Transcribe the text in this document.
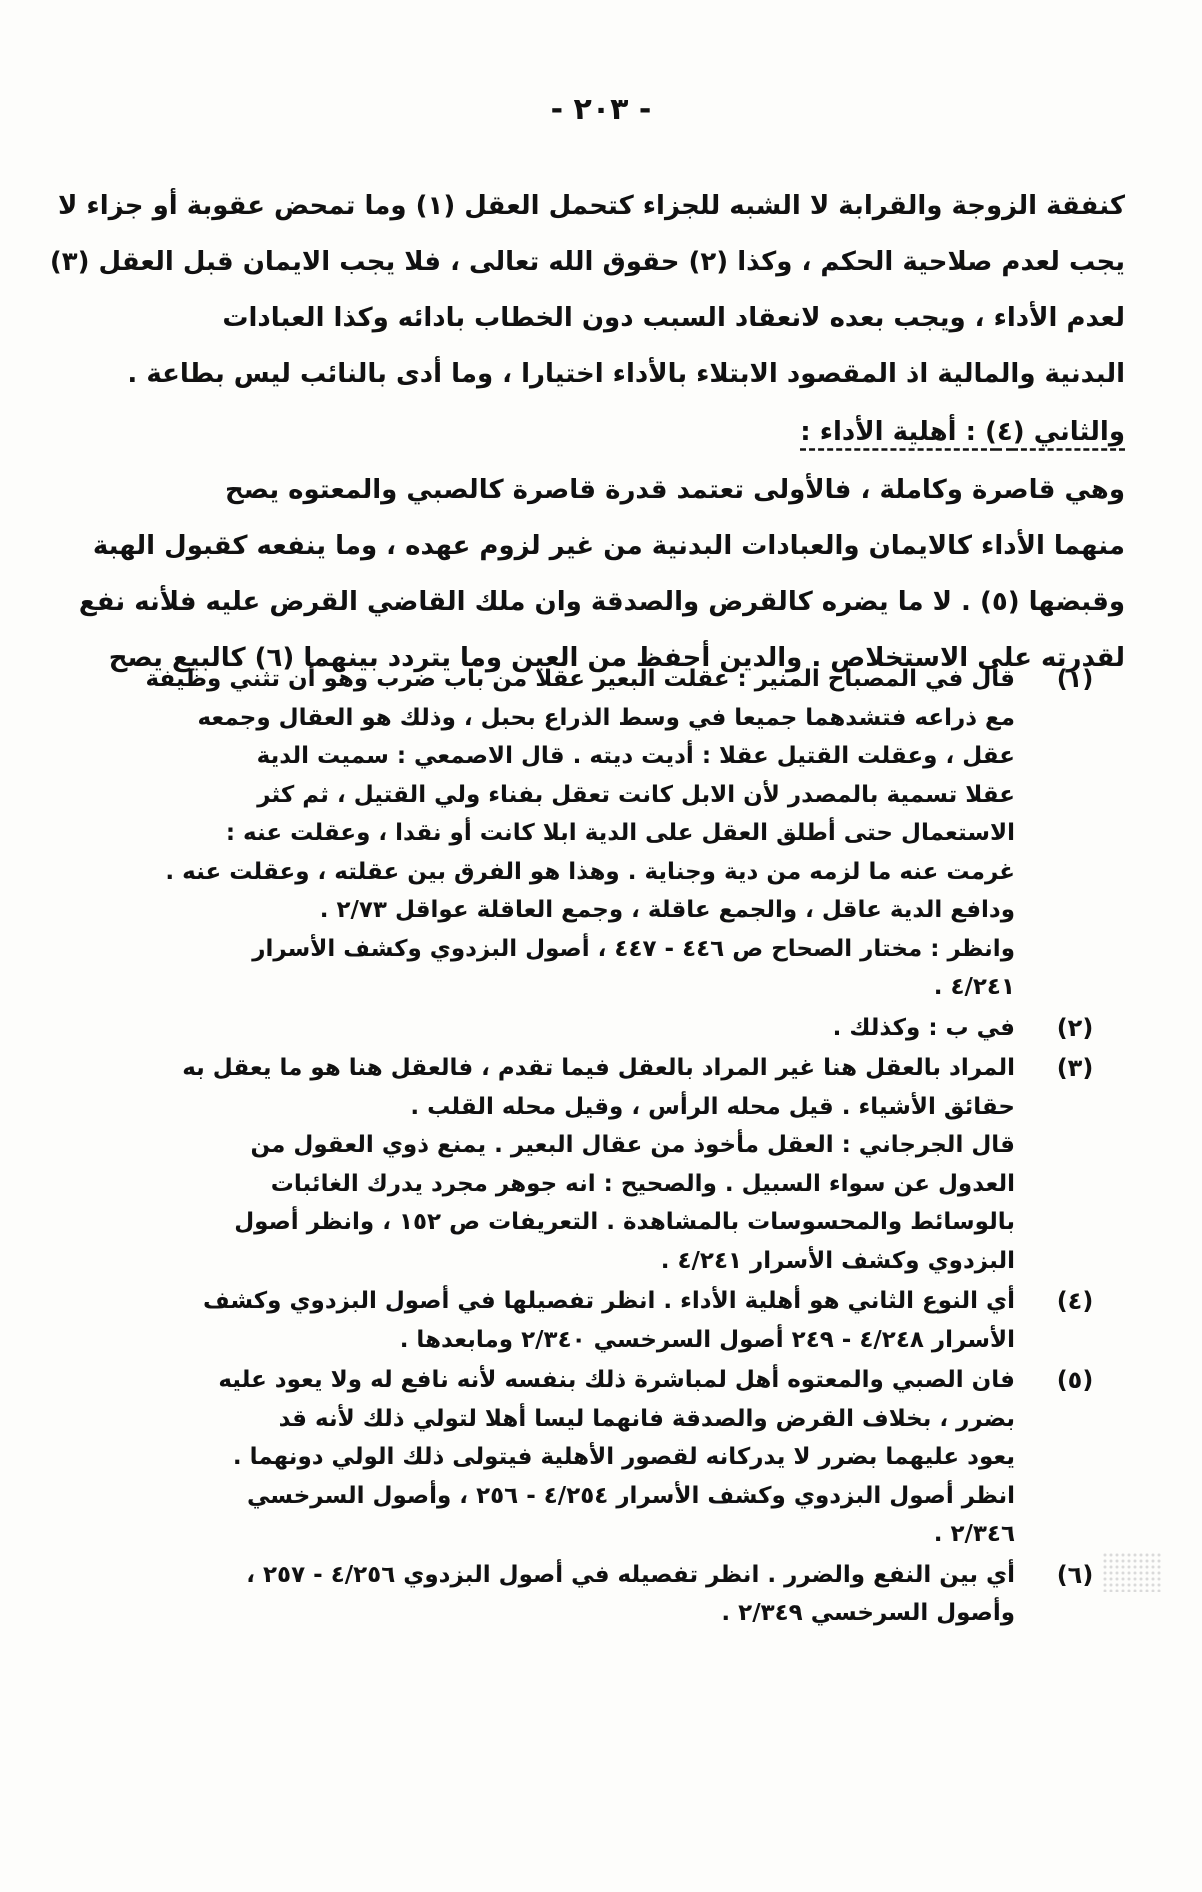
- ٢٠٣ -
كنفقة الزوجة والقرابة لا الشبه للجزاء كتحمل العقل (١) وما تمحض عقوبة أو جزاء لا
يجب لعدم صلاحية الحكم ، وكذا (٢) حقوق الله تعالى ، فلا يجب الايمان قبل العقل (٣)
لعدم الأداء ، ويجب بعده لانعقاد السبب دون الخطاب بادائه وكذا العبادات
البدنية والمالية اذ المقصود الابتلاء بالأداء اختيارا ، وما أدى بالنائب ليس بطاعة .
والثاني (٤) : أهلية الأداء :
وهي قاصرة وكاملة ، فالأولى تعتمد قدرة قاصرة كالصبي والمعتوه يصح
منهما الأداء كالايمان والعبادات البدنية من غير لزوم عهده ، وما ينفعه كقبول الهبة
وقبضها (٥) . لا ما يضره كالقرض والصدقة وان ملك القاضي القرض عليه فلأنه نفع
لقدرته على الاستخلاص . والدين أحفظ من العين وما يتردد بينهما (٦) كالبيع يصح
(١)
قال في المصباح المنير : عقلت البعير عقلا من باب ضرب وهو أن تثني وظيفة
مع ذراعه فتشدهما جميعا في وسط الذراع بحبل ، وذلك هو العقال وجمعه
عقل ، وعقلت القتيل عقلا : أديت ديته . قال الاصمعي : سميت الدية
عقلا تسمية بالمصدر لأن الابل كانت تعقل بفناء ولي القتيل ، ثم كثر
الاستعمال حتى أطلق العقل على الدية ابلا كانت أو نقدا ، وعقلت عنه :
غرمت عنه ما لزمه من دية وجناية . وهذا هو الفرق بين عقلته ، وعقلت عنه .
ودافع الدية عاقل ، والجمع عاقلة ، وجمع العاقلة عواقل ٢/٧٣ .
وانظر : مختار الصحاح ص ٤٤٦ - ٤٤٧ ، أصول البزدوي وكشف الأسرار
٤/٢٤١ .
(٢)
في ب : وكذلك .
(٣)
المراد بالعقل هنا غير المراد بالعقل فيما تقدم ، فالعقل هنا هو ما يعقل به
حقائق الأشياء . قيل محله الرأس ، وقيل محله القلب .
قال الجرجاني : العقل مأخوذ من عقال البعير . يمنع ذوي العقول من
العدول عن سواء السبيل . والصحيح : انه جوهر مجرد يدرك الغائبات
بالوسائط والمحسوسات بالمشاهدة . التعريفات ص ١٥٢ ، وانظر أصول
البزدوي وكشف الأسرار ٤/٢٤١ .
(٤)
أي النوع الثاني هو أهلية الأداء . انظر تفصيلها في أصول البزدوي وكشف
الأسرار ٤/٢٤٨ - ٢٤٩ أصول السرخسي ٢/٣٤٠ ومابعدها .
(٥)
فان الصبي والمعتوه أهل لمباشرة ذلك بنفسه لأنه نافع له ولا يعود عليه
بضرر ، بخلاف القرض والصدقة فانهما ليسا أهلا لتولي ذلك لأنه قد
يعود عليهما بضرر لا يدركانه لقصور الأهلية فيتولى ذلك الولي دونهما .
انظر أصول البزدوي وكشف الأسرار ٤/٢٥٤ - ٢٥٦ ، وأصول السرخسي
٢/٣٤٦ .
(٦)
أي بين النفع والضرر . انظر تفصيله في أصول البزدوي ٤/٢٥٦ - ٢٥٧ ،
وأصول السرخسي ٢/٣٤٩ .
